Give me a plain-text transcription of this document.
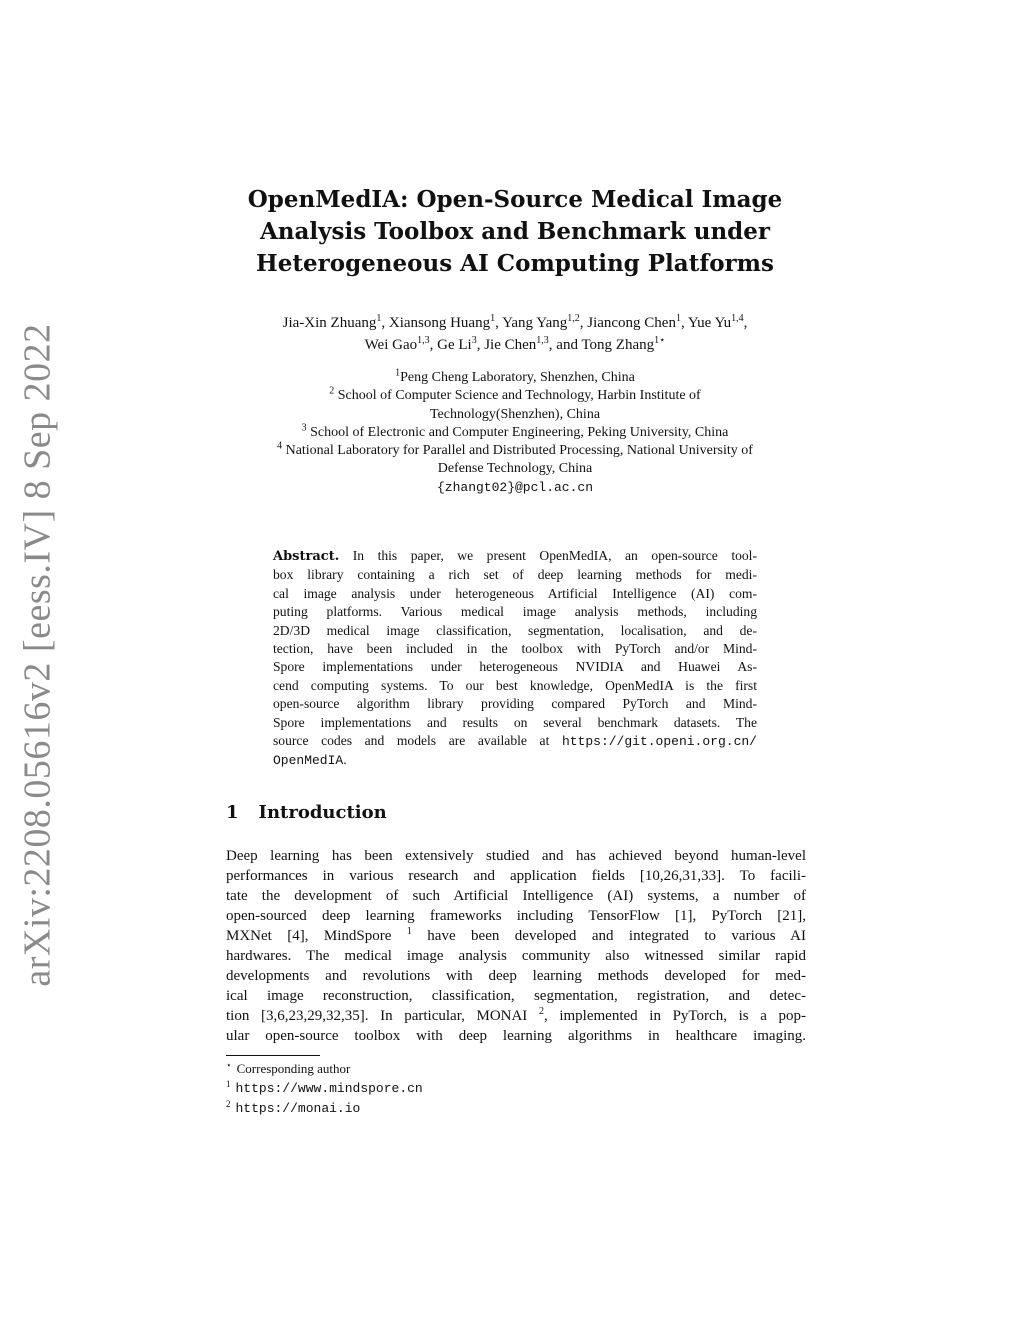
arXiv:2208.05616v2 [eess.IV] 8 Sep 2022
OpenMedIA: Open-Source Medical Image
Analysis Toolbox and Benchmark under
Heterogeneous AI Computing Platforms

Jia-Xin Zhuang$^1$, Xiansong Huang$^1$, Yang Yang$^{1,2}$, Jiancong Chen$^1$, Yue Yu$^{1,4}$,
Wei Gao$^{1,3}$, Ge Li$^3$, Jie Chen$^{1,3}$, and Tong Zhang$^{1⋆}$

$^1$Peng Cheng Laboratory, Shenzhen, China
$^2$ School of Computer Science and Technology, Harbin Institute of
Technology(Shenzhen), China
$^3$ School of Electronic and Computer Engineering, Peking University, China
$^4$ National Laboratory for Parallel and Distributed Processing, National University of
Defense Technology, China
{zhangt02}@pcl.ac.cn
Abstract. In this paper, we present OpenMedIA, an open-source tool-
box library containing a rich set of deep learning methods for medi-
cal image analysis under heterogeneous Artificial Intelligence (AI) com-
puting platforms. Various medical image analysis methods, including
2D/3D medical image classification, segmentation, localisation, and de-
tection, have been included in the toolbox with PyTorch and/or Mind-
Spore implementations under heterogeneous NVIDIA and Huawei As-
cend computing systems. To our best knowledge, OpenMedIA is the first
open-source algorithm library providing compared PyTorch and Mind-
Spore implementations and results on several benchmark datasets. The
source codes and models are available at https://git.openi.org.cn/
OpenMedIA.
1 Introduction
Deep learning has been extensively studied and has achieved beyond human-level
performances in various research and application fields [10,26,31,33]. To facili-
tate the development of such Artificial Intelligence (AI) systems, a number of
open-sourced deep learning frameworks including TensorFlow [1], PyTorch [21],
MXNet [4], MindSpore $^1$ have been developed and integrated to various AI
hardwares. The medical image analysis community also witnessed similar rapid
developments and revolutions with deep learning methods developed for med-
ical image reconstruction, classification, segmentation, registration, and detec-
tion [3,6,23,29,32,35]. In particular, MONAI $^2$, implemented in PyTorch, is a pop-
ular open-source toolbox with deep learning algorithms in healthcare imaging.
⋆ Corresponding author
$^1$ https://www.mindspore.cn
$^2$ https://monai.io
